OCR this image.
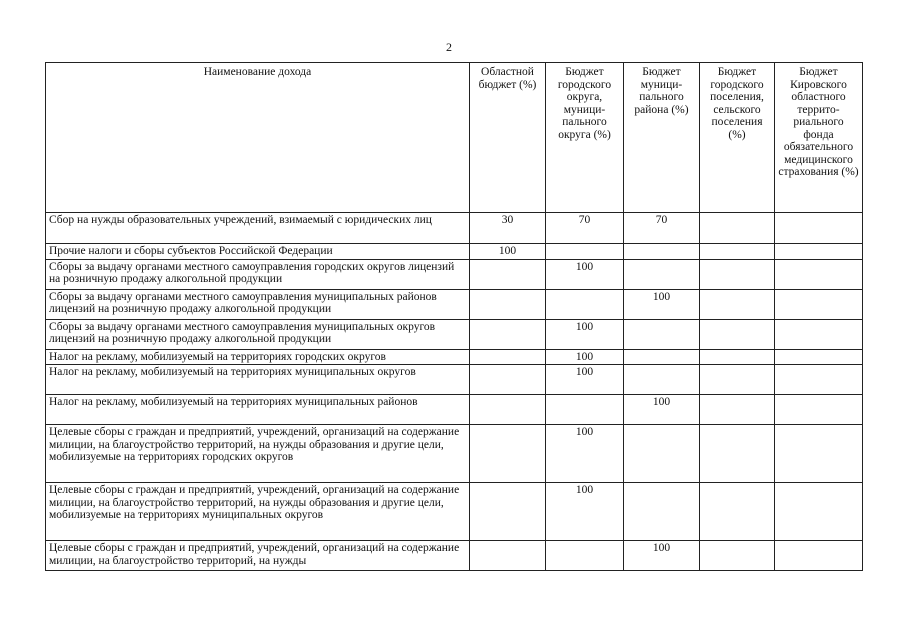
2
Наименование дохода	Областной бюджет (%)	Бюджет городского округа, муници-пального округа (%)	Бюджет муници-пального района (%)	Бюджет городского поселения, сельского поселения (%)	Бюджет Кировского областного террито-риального фонда обязательного медицинского страхования (%)
Сбор на нужды образовательных учреждений, взимаемый с юридических лиц	30	70	70		
Прочие налоги и сборы субъектов Российской Федерации	100				
Сборы за выдачу органами местного самоуправления городских округов лицензий на розничную продажу алкогольной продукции		100			
Сборы за выдачу органами местного самоуправления муниципальных районов лицензий на розничную продажу алкогольной продукции			100		
Сборы за выдачу органами местного самоуправления муниципальных округов лицензий на розничную продажу алкогольной продукции		100			
Налог на рекламу, мобилизуемый на территориях городских округов		100			
Налог на рекламу, мобилизуемый на территориях муниципальных округов		100			
Налог на рекламу, мобилизуемый на территориях муниципальных районов			100		
Целевые сборы с граждан и предприятий, учреждений, организаций на содержание милиции, на благоустройство территорий, на нужды образования и другие цели, мобилизуемые на территориях городских округов		100			
Целевые сборы с граждан и предприятий, учреждений, организаций на содержание милиции, на благоустройство территорий, на нужды образования и другие цели, мобилизуемые на территориях муниципальных округов		100			
Целевые сборы с граждан и предприятий, учреждений, организаций на содержание милиции, на благоустройство территорий, на нужды			100		
